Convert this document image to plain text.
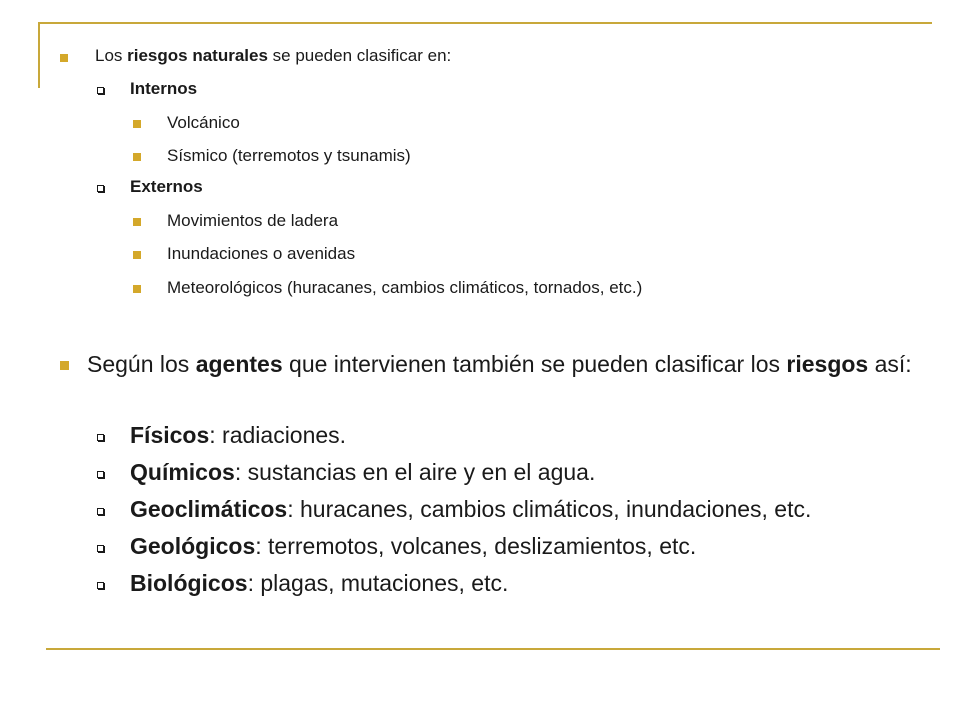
Los riesgos naturales se pueden clasificar en:
Internos
Volcánico
Sísmico (terremotos y tsunamis)
Externos
Movimientos de ladera
Inundaciones o avenidas
Meteorológicos (huracanes, cambios climáticos, tornados, etc.)
Según los agentes que intervienen también se pueden clasificar los riesgos así:
Físicos: radiaciones.
Químicos: sustancias en el aire y en el agua.
Geoclimáticos: huracanes, cambios climáticos, inundaciones, etc.
Geológicos: terremotos, volcanes, deslizamientos, etc.
Biológicos: plagas, mutaciones, etc.
